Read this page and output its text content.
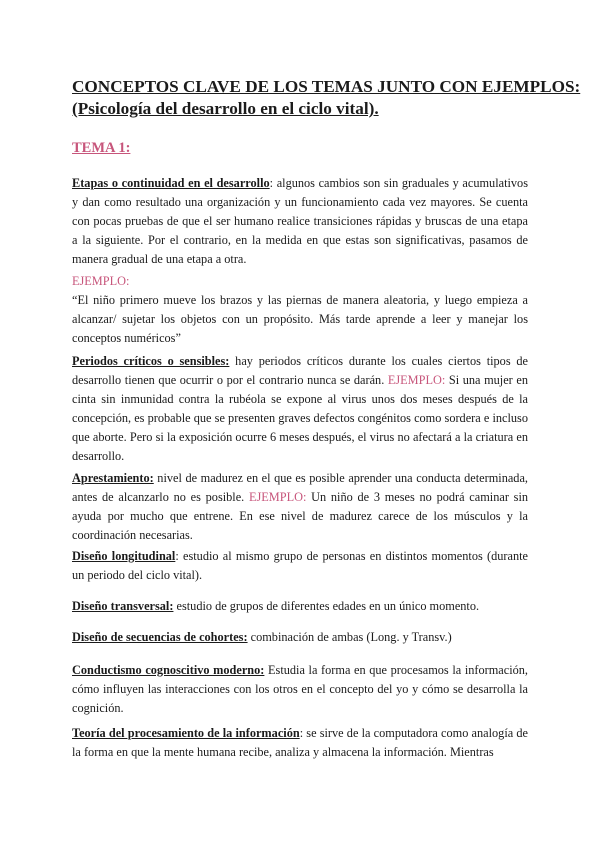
CONCEPTOS CLAVE DE LOS TEMAS JUNTO CON EJEMPLOS:

(Psicología del desarrollo en el ciclo vital).

TEMA 1:

Etapas o continuidad en el desarrollo: algunos cambios son sin graduales y acumulativos y dan como resultado una organización y un funcionamiento cada vez mayores. Se cuenta con pocas pruebas de que el ser humano realice transiciones rápidas y bruscas de una etapa a la siguiente. Por el contrario, en la medida en que estas son significativas, pasamos de manera gradual de una etapa a otra.

EJEMPLO:
“El niño primero mueve los brazos y las piernas de manera aleatoria, y luego empieza a alcanzar/ sujetar los objetos con un propósito. Más tarde aprende a leer y manejar los conceptos numéricos”

Periodos críticos o sensibles: hay periodos críticos durante los cuales ciertos tipos de desarrollo tienen que ocurrir o por el contrario nunca se darán. EJEMPLO: Si una mujer en cinta sin inmunidad contra la rubéola se expone al virus unos dos meses después de la concepción, es probable que se presenten graves defectos congénitos como sordera e incluso que aborte. Pero si la exposición ocurre 6 meses después, el virus no afectará a la criatura en desarrollo.

Aprestamiento: nivel de madurez en el que es posible aprender una conducta determinada, antes de alcanzarlo no es posible. EJEMPLO: Un niño de 3 meses no podrá caminar sin ayuda por mucho que entrene. En ese nivel de madurez carece de los músculos y la coordinación necesarias.

Diseño longitudinal: estudio al mismo grupo de personas en distintos momentos (durante un periodo del ciclo vital).

Diseño transversal: estudio de grupos de diferentes edades en un único momento.

Diseño de secuencias de cohortes: combinación de ambas (Long. y Transv.)

Conductismo cognoscitivo moderno: Estudia la forma en que procesamos la información, cómo influyen las interacciones con los otros en el concepto del yo y cómo se desarrolla la cognición.

Teoría del procesamiento de la información: se sirve de la computadora como analogía de la forma en que la mente humana recibe, analiza y almacena la información. Mientras
